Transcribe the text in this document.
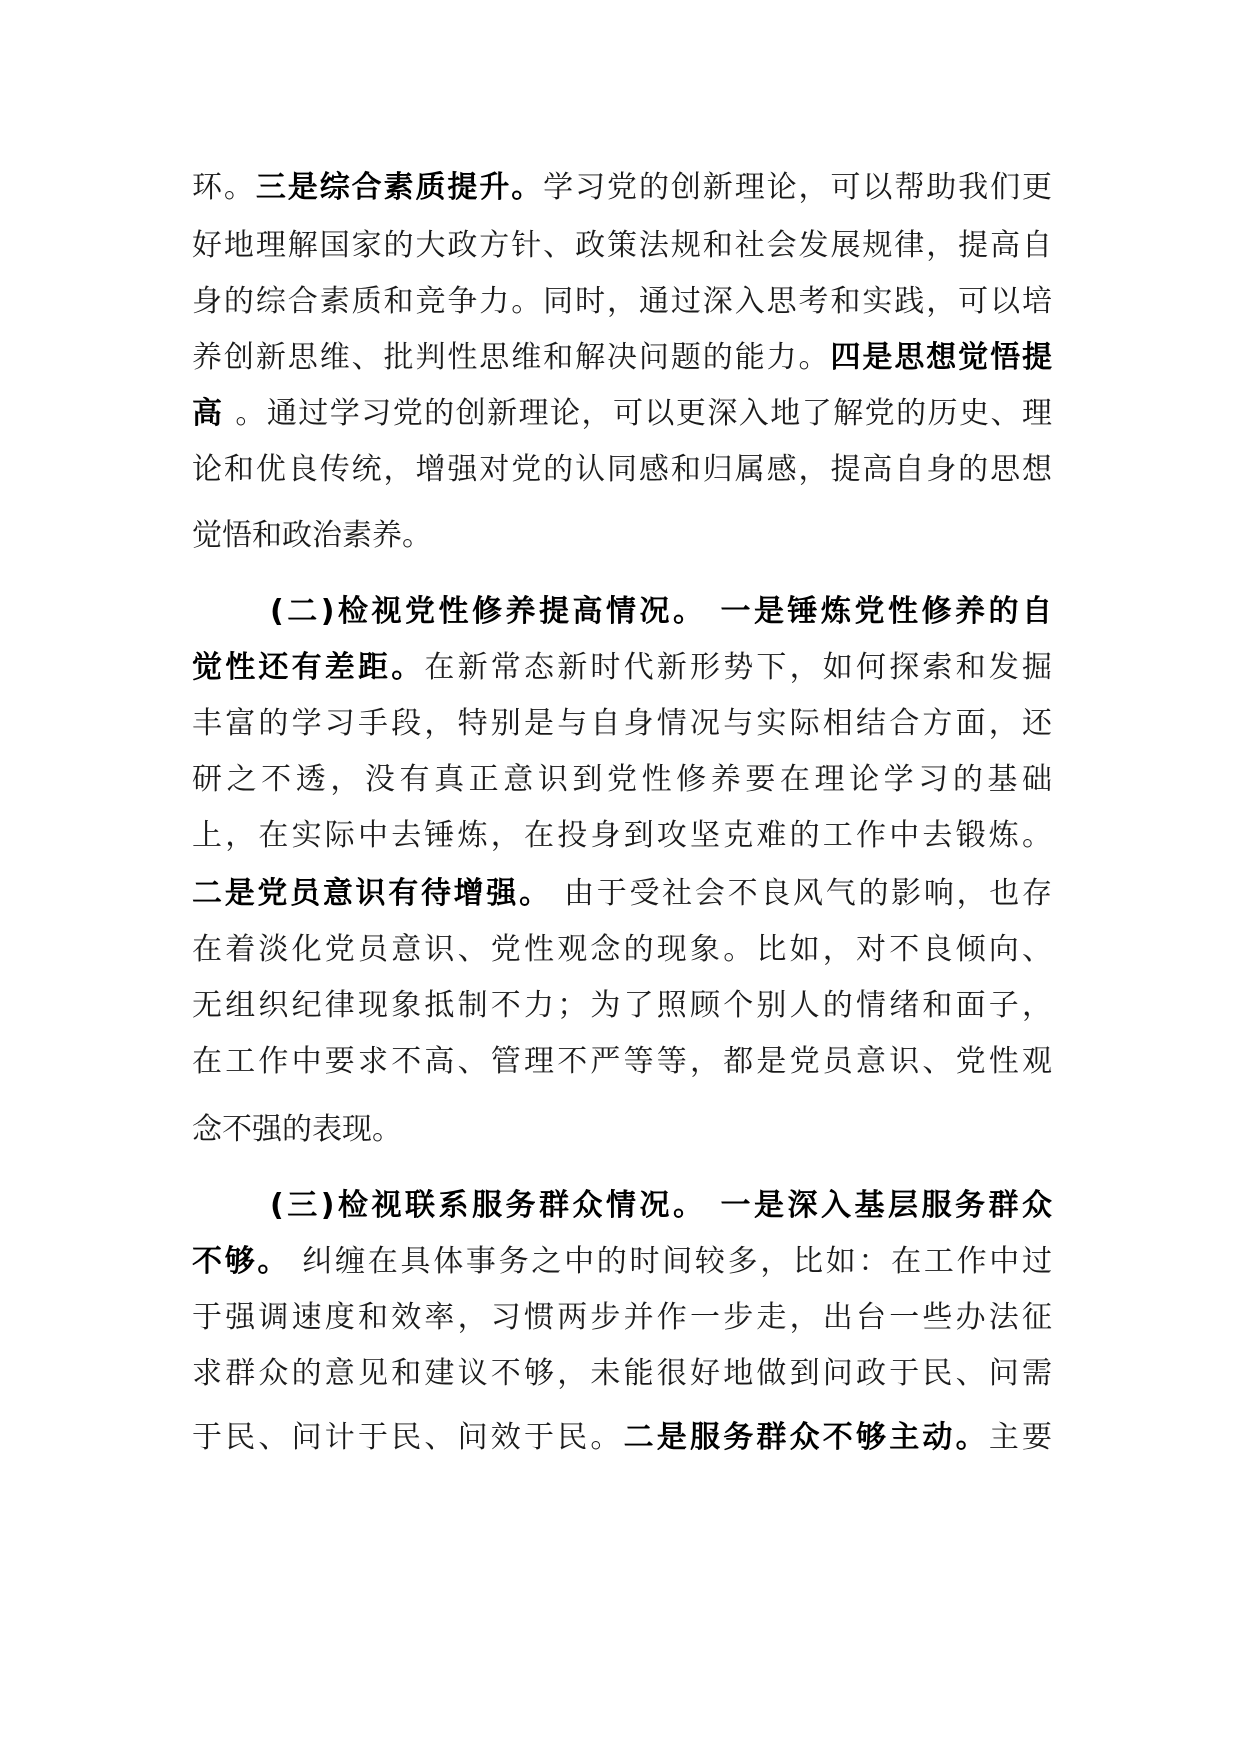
环。三是综合素质提升。学习党的创新理论，可以帮助我们更
好地理解国家的大政方针、政策法规和社会发展规律，提高自
身的综合素质和竞争力。同时，通过深入思考和实践，可以培
养创新思维、批判性思维和解决问题的能力。四是思想觉悟提
高 。通过学习党的创新理论，可以更深入地了解党的历史、理
论和优良传统，增强对党的认同感和归属感，提高自身的思想
觉悟和政治素养。
(二)检视党性修养提高情况。 一是锤炼党性修养的自
觉性还有差距。在新常态新时代新形势下，如何探索和发掘
丰富的学习手段，特别是与自身情况与实际相结合方面，还
研之不透，没有真正意识到党性修养要在理论学习的基础
上，在实际中去锤炼，在投身到攻坚克难的工作中去锻炼。
二是党员意识有待增强。 由于受社会不良风气的影响，也存
在着淡化党员意识、党性观念的现象。比如，对不良倾向、
无组织纪律现象抵制不力；为了照顾个别人的情绪和面子，
在工作中要求不高、管理不严等等，都是党员意识、党性观
念不强的表现。
(三)检视联系服务群众情况。 一是深入基层服务群众
不够。 纠缠在具体事务之中的时间较多，比如：在工作中过
于强调速度和效率，习惯两步并作一步走，出台一些办法征
求群众的意见和建议不够，未能很好地做到问政于民、问需
于民、问计于民、问效于民。二是服务群众不够主动。主要
